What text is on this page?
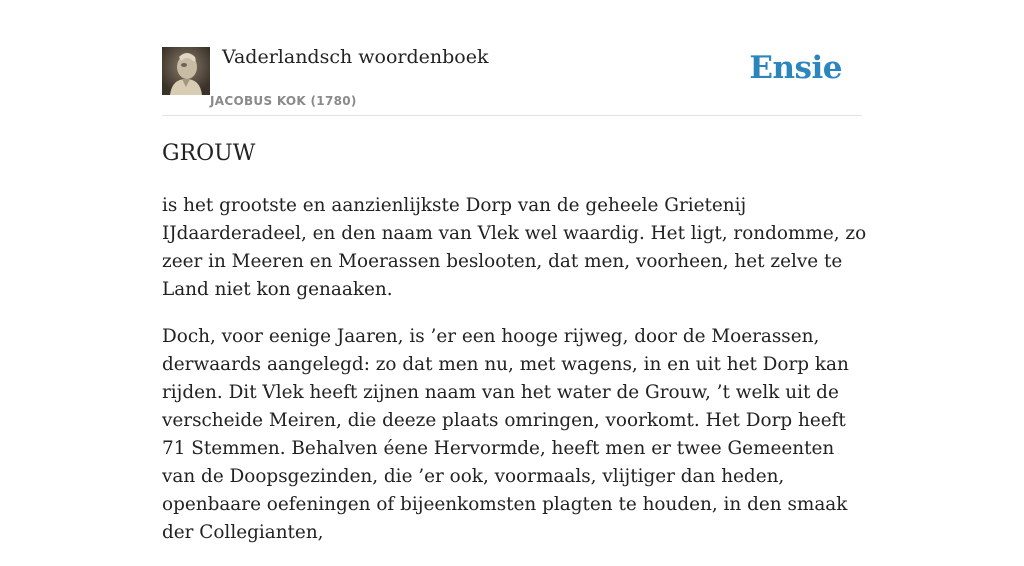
Vaderlandsch woordenboek
JACOBUS KOK (1780)
Ensie
GROUW

is het grootste en aanzienlijkste Dorp van de geheele Grietenij IJdaarderadeel, en den naam van Vlek wel waardig. Het ligt, rondomme, zo zeer in Meeren en Moerassen beslooten, dat men, voorheen, het zelve te Land niet kon genaaken.

Doch, voor eenige Jaaren, is ’er een hooge rijweg, door de Moerassen, derwaards aangelegd: zo dat men nu, met wagens, in en uit het Dorp kan rijden. Dit Vlek heeft zijnen naam van het water de Grouw, ’t welk uit de verscheide Meiren, die deeze plaats omringen, voorkomt. Het Dorp heeft 71 Stemmen. Behalven éene Hervormde, heeft men er twee Gemeenten van de Doopsgezinden, die ’er ook, voormaals, vlijtiger dan heden, openbaare oefeningen of bijeenkomsten plagten te houden, in den smaak der Collegianten,
